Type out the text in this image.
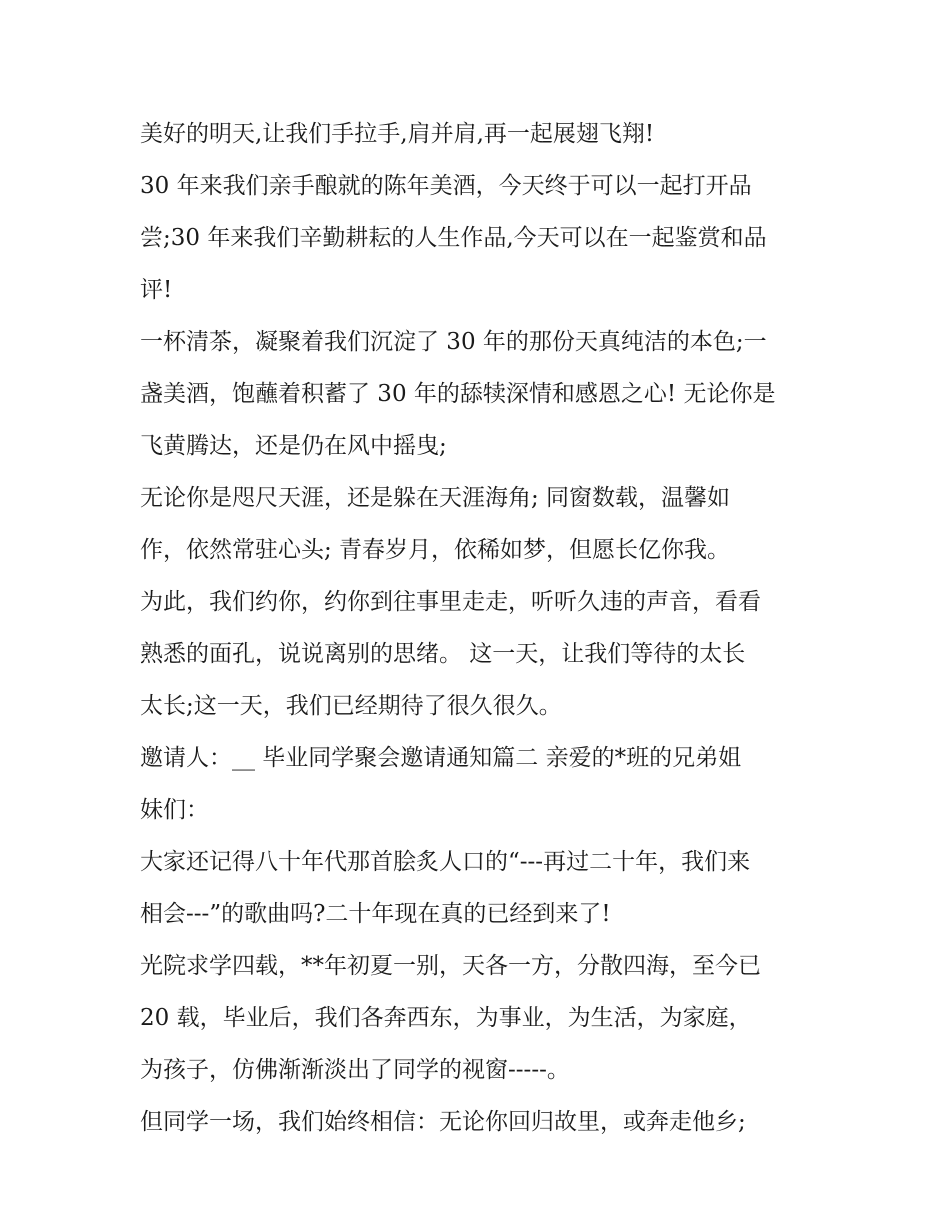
美好的明天,让我们手拉手,肩并肩,再一起展翅飞翔!
30 年来我们亲手酿就的陈年美酒，今天终于可以一起打开品
尝;30 年来我们辛勤耕耘的人生作品,今天可以在一起鉴赏和品
评!
一杯清茶，凝聚着我们沉淀了 30 年的那份天真纯洁的本色;一
盏美酒，饱蘸着积蓄了 30 年的舔犊深情和感恩之心! 无论你是
飞黄腾达，还是仍在风中摇曳;
无论你是咫尺天涯，还是躲在天涯海角; 同窗数载，温馨如
作，依然常驻心头; 青春岁月，依稀如梦，但愿长亿你我。
为此，我们约你，约你到往事里走走，听听久违的声音，看看
熟悉的面孔，说说离别的思绪。 这一天，让我们等待的太长
太长;这一天，我们已经期待了很久很久。
邀请人：__ 毕业同学聚会邀请通知篇二 亲爱的*班的兄弟姐
妹们：
大家还记得八十年代那首脍炙人口的“---再过二十年，我们来
相会---”的歌曲吗?二十年现在真的已经到来了!
光院求学四载，**年初夏一别，天各一方，分散四海，至今已
20 载，毕业后，我们各奔西东，为事业，为生活，为家庭，
为孩子，仿佛渐渐淡出了同学的视窗-----。
但同学一场，我们始终相信：无论你回归故里，或奔走他乡;
